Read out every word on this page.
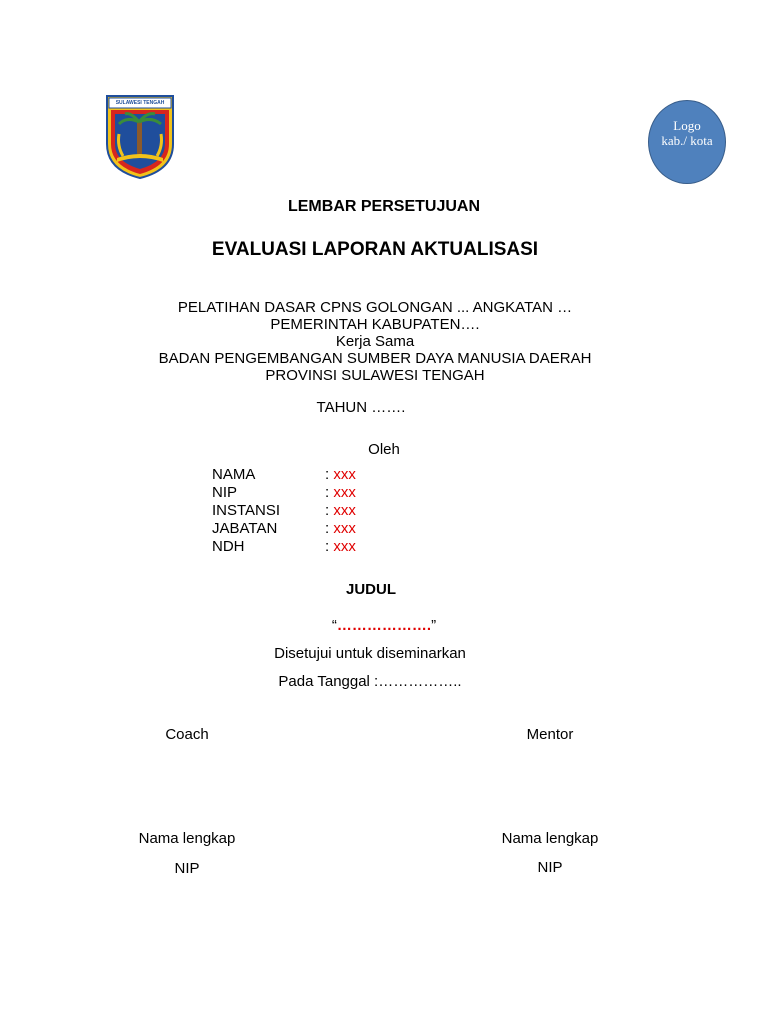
SULAWESI TENGAH
Logo
kab./ kota
LEMBAR PERSETUJUAN
EVALUASI LAPORAN AKTUALISASI
PELATIHAN DASAR CPNS GOLONGAN ... ANGKATAN …
PEMERINTAH KABUPATEN….
Kerja Sama
BADAN PENGEMBANGAN SUMBER DAYA MANUSIA DAERAH
PROVINSI SULAWESI TENGAH
TAHUN …….
Oleh
NAMA	: xxx
NIP	: xxx
INSTANSI	: xxx
JABATAN	: xxx
NDH	: xxx
JUDUL
“……………….”
Disetujui untuk diseminarkan
Pada Tanggal :……………..
Coach	Mentor
Nama lengkap	Nama lengkap
NIP	NIP
